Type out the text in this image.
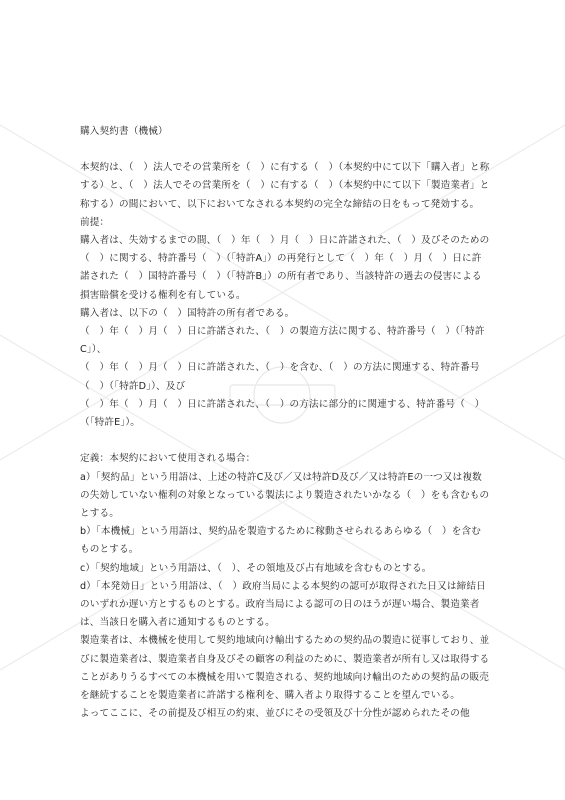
購入契約書（機械）

本契約は、（　）法人でその営業所を（　）に有する（　）（本契約中にて以下「購入者」と称する）と、（　）法人でその営業所を（　）に有する（　）（本契約中にて以下「製造業者」と称する）の間において、以下においてなされる本契約の完全な締結の日をもって発効する。

前提：

購入者は、失効するまでの間、（　）年（　）月（　）日に許諾された、（　）及びそのための（　）に関する、特許番号（　）（「特許A」）の再発行として（　）年（　）月（　）日に許諾された（　）国特許番号（　）（「特許B」）の所有者であり、当該特許の過去の侵害による損害賠償を受ける権利を有している。

購入者は、以下の（　）国特許の所有者である。

（　）年（　）月（　）日に許諾された、（　）の製造方法に関する、特許番号（　）（「特許C」）、

（　）年（　）月（　）日に許諾された、（　）を含む、（　）の方法に関連する、特許番号（　）（「特許D」）、及び

（　）年（　）月（　）日に許諾された、（　）の方法に部分的に関連する、特許番号（　）（「特許E」）。

定義：本契約において使用される場合：

a）「契約品」という用語は、上述の特許C及び／又は特許D及び／又は特許Eの一つ又は複数の失効していない権利の対象となっている製法により製造されたいかなる（　）をも含むものとする。

b）「本機械」という用語は、契約品を製造するために稼動させられるあらゆる（　）を含むものとする。

c）「契約地域」という用語は、（　）、その領地及び占有地域を含むものとする。

d）「本発効日」という用語は、（　）政府当局による本契約の認可が取得された日又は締結日のいずれか遅い方とするものとする。政府当局による認可の日のほうが遅い場合、製造業者は、当該日を購入者に通知するものとする。

製造業者は、本機械を使用して契約地域向け輸出するための契約品の製造に従事しており、並びに製造業者は、製造業者自身及びその顧客の利益のために、製造業者が所有し又は取得することがありうるすべての本機械を用いて製造される、契約地域向け輸出のための契約品の販売を継続することを製造業者に許諾する権利を、購入者より取得することを望んでいる。

よってここに、その前提及び相互の約束、並びにその受領及び十分性が認められたその他
